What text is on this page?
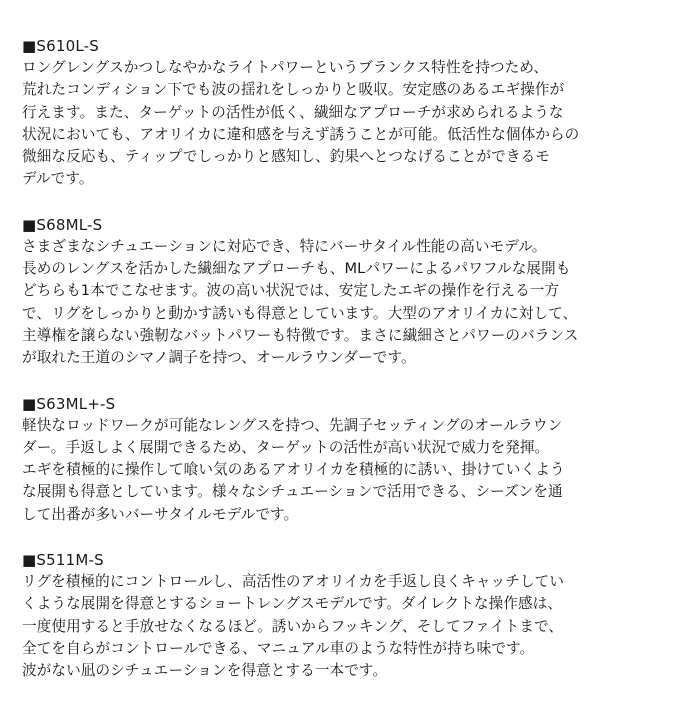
■S610L-S
ロングレングスかつしなやかなライトパワーというブランクス特性を持つため、
荒れたコンディション下でも波の揺れをしっかりと吸収。安定感のあるエギ操作が
行えます。また、ターゲットの活性が低く、繊細なアプローチが求められるような
状況においても、アオリイカに違和感を与えず誘うことが可能。低活性な個体からの
微細な反応も、ティップでしっかりと感知し、釣果へとつなげることができるモ
デルです。
■S68ML-S
さまざまなシチュエーションに対応でき、特にバーサタイル性能の高いモデル。
長めのレングスを活かした繊細なアプローチも、MLパワーによるパワフルな展開も
どちらも1本でこなせます。波の高い状況では、安定したエギの操作を行える一方
で、リグをしっかりと動かす誘いも得意としています。大型のアオリイカに対して、
主導権を譲らない強靭なバットパワーも特徴です。まさに繊細さとパワーのバランス
が取れた王道のシマノ調子を持つ、オールラウンダーです。
■S63ML+-S
軽快なロッドワークが可能なレングスを持つ、先調子セッティングのオールラウン
ダー。手返しよく展開できるため、ターゲットの活性が高い状況で威力を発揮。
エギを積極的に操作して喰い気のあるアオリイカを積極的に誘い、掛けていくよう
な展開も得意としています。様々なシチュエーションで活用できる、シーズンを通
して出番が多いバーサタイルモデルです。
■S511M-S
リグを積極的にコントロールし、高活性のアオリイカを手返し良くキャッチしてい
くような展開を得意とするショートレングスモデルです。ダイレクトな操作感は、
一度使用すると手放せなくなるほど。誘いからフッキング、そしてファイトまで、
全てを自らがコントロールできる、マニュアル車のような特性が持ち味です。
波がない凪のシチュエーションを得意とする一本です。
